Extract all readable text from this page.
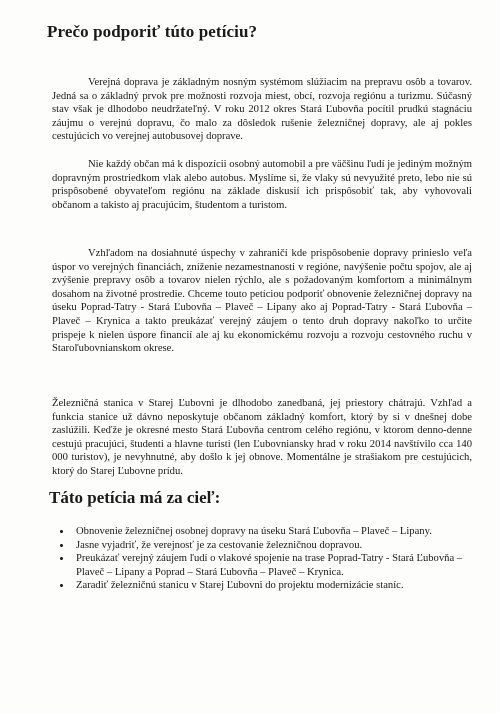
Prečo podporiť túto petíciu?

Verejná doprava je základným nosným systémom slúžiacim na prepravu osôb a tovarov. Jedná sa o základný prvok pre možnosti rozvoja miest, obcí, rozvoja regiónu a turizmu. Súčasný stav však je dlhodobo neudržateľný. V roku 2012 okres Stará Ľubovňa pocítil prudkú stagnáciu záujmu o verejnú dopravu, čo malo za dôsledok rušenie železničnej dopravy, ale aj pokles cestujúcich vo verejnej autobusovej doprave.

Nie každý občan má k dispozícii osobný automobil a pre väčšinu ľudí je jediným možným dopravným prostriedkom vlak alebo autobus. Myslíme si, že vlaky sú nevyužité preto, lebo nie sú prispôsobené obyvateľom regiónu na základe diskusií ich prispôsobiť tak, aby vyhovovali občanom a takisto aj pracujúcim, študentom a turistom.

Vzhľadom na dosiahnuté úspechy v zahraničí kde prispôsobenie dopravy prinieslo veľa úspor vo verejných financiách, zníženie nezamestnanosti v regióne, navýšenie počtu spojov, ale aj zvýšenie prepravy osôb a tovarov nielen rýchlo, ale s požadovaným komfortom a minimálnym dosahom na životné prostredie. Chceme touto petíciou podporiť obnovenie železničnej dopravy na úseku Poprad-Tatry - Stará Ľubovňa – Plaveč – Lipany ako aj Poprad-Tatry - Stará Ľubovňa – Plaveč – Krynica a takto preukázať verejný záujem o tento druh dopravy nakoľko to určite prispeje k nielen úspore financií ale aj ku ekonomickému rozvoju a rozvoju cestovného ruchu v Staroľubovnianskom okrese.

Železničná stanica v Starej Ľubovni je dlhodobo zanedbaná, jej priestory chátrajú. Vzhľad a funkcia stanice už dávno neposkytuje občanom základný komfort, ktorý by si v dnešnej dobe zaslúžili. Keďže je okresné mesto Stará Ľubovňa centrom celého regiónu, v ktorom denno-denne cestujú pracujúci, študenti a hlavne turisti (len Ľubovniansky hrad v roku 2014 navštívilo cca 140 000 turistov), je nevyhnutné, aby došlo k jej obnove. Momentálne je strašiakom pre cestujúcich, ktorý do Starej Ľubovne prídu.

Táto petícia má za cieľ:
• Obnovenie železničnej osobnej dopravy na úseku Stará Ľubovňa – Plaveč – Lipany.
• Jasne vyjadriť, že verejnosť je za cestovanie železničnou dopravou.
• Preukázať verejný záujem ľudí o vlakové spojenie na trase Poprad-Tatry - Stará Ľubovňa – Plaveč – Lipany a Poprad – Stará Ľubovňa – Plaveč – Krynica.
• Zaradiť železničnú stanicu v Starej Ľubovni do projektu modernizácie staníc.
